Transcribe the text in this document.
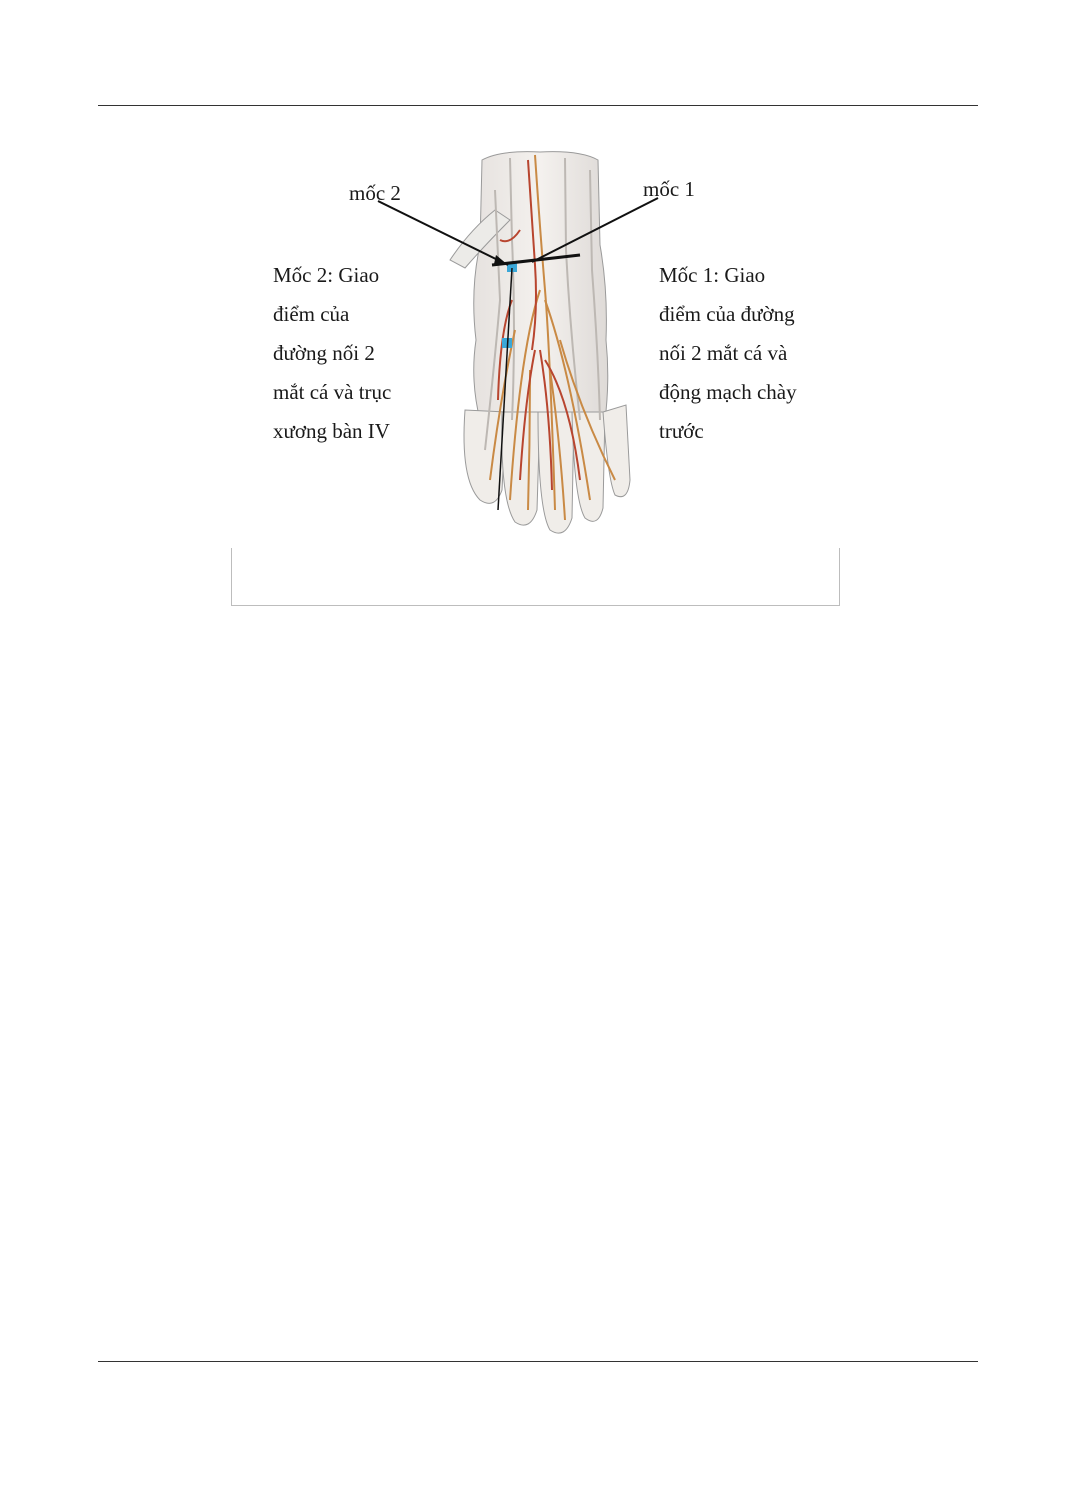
mốc 2	mốc 1
Mốc 2: Giao
điểm của
đường nối 2
mắt cá và trục
xương bàn IV
Mốc 1: Giao
điểm của đường
nối 2 mắt cá và
động mạch chày
trước
